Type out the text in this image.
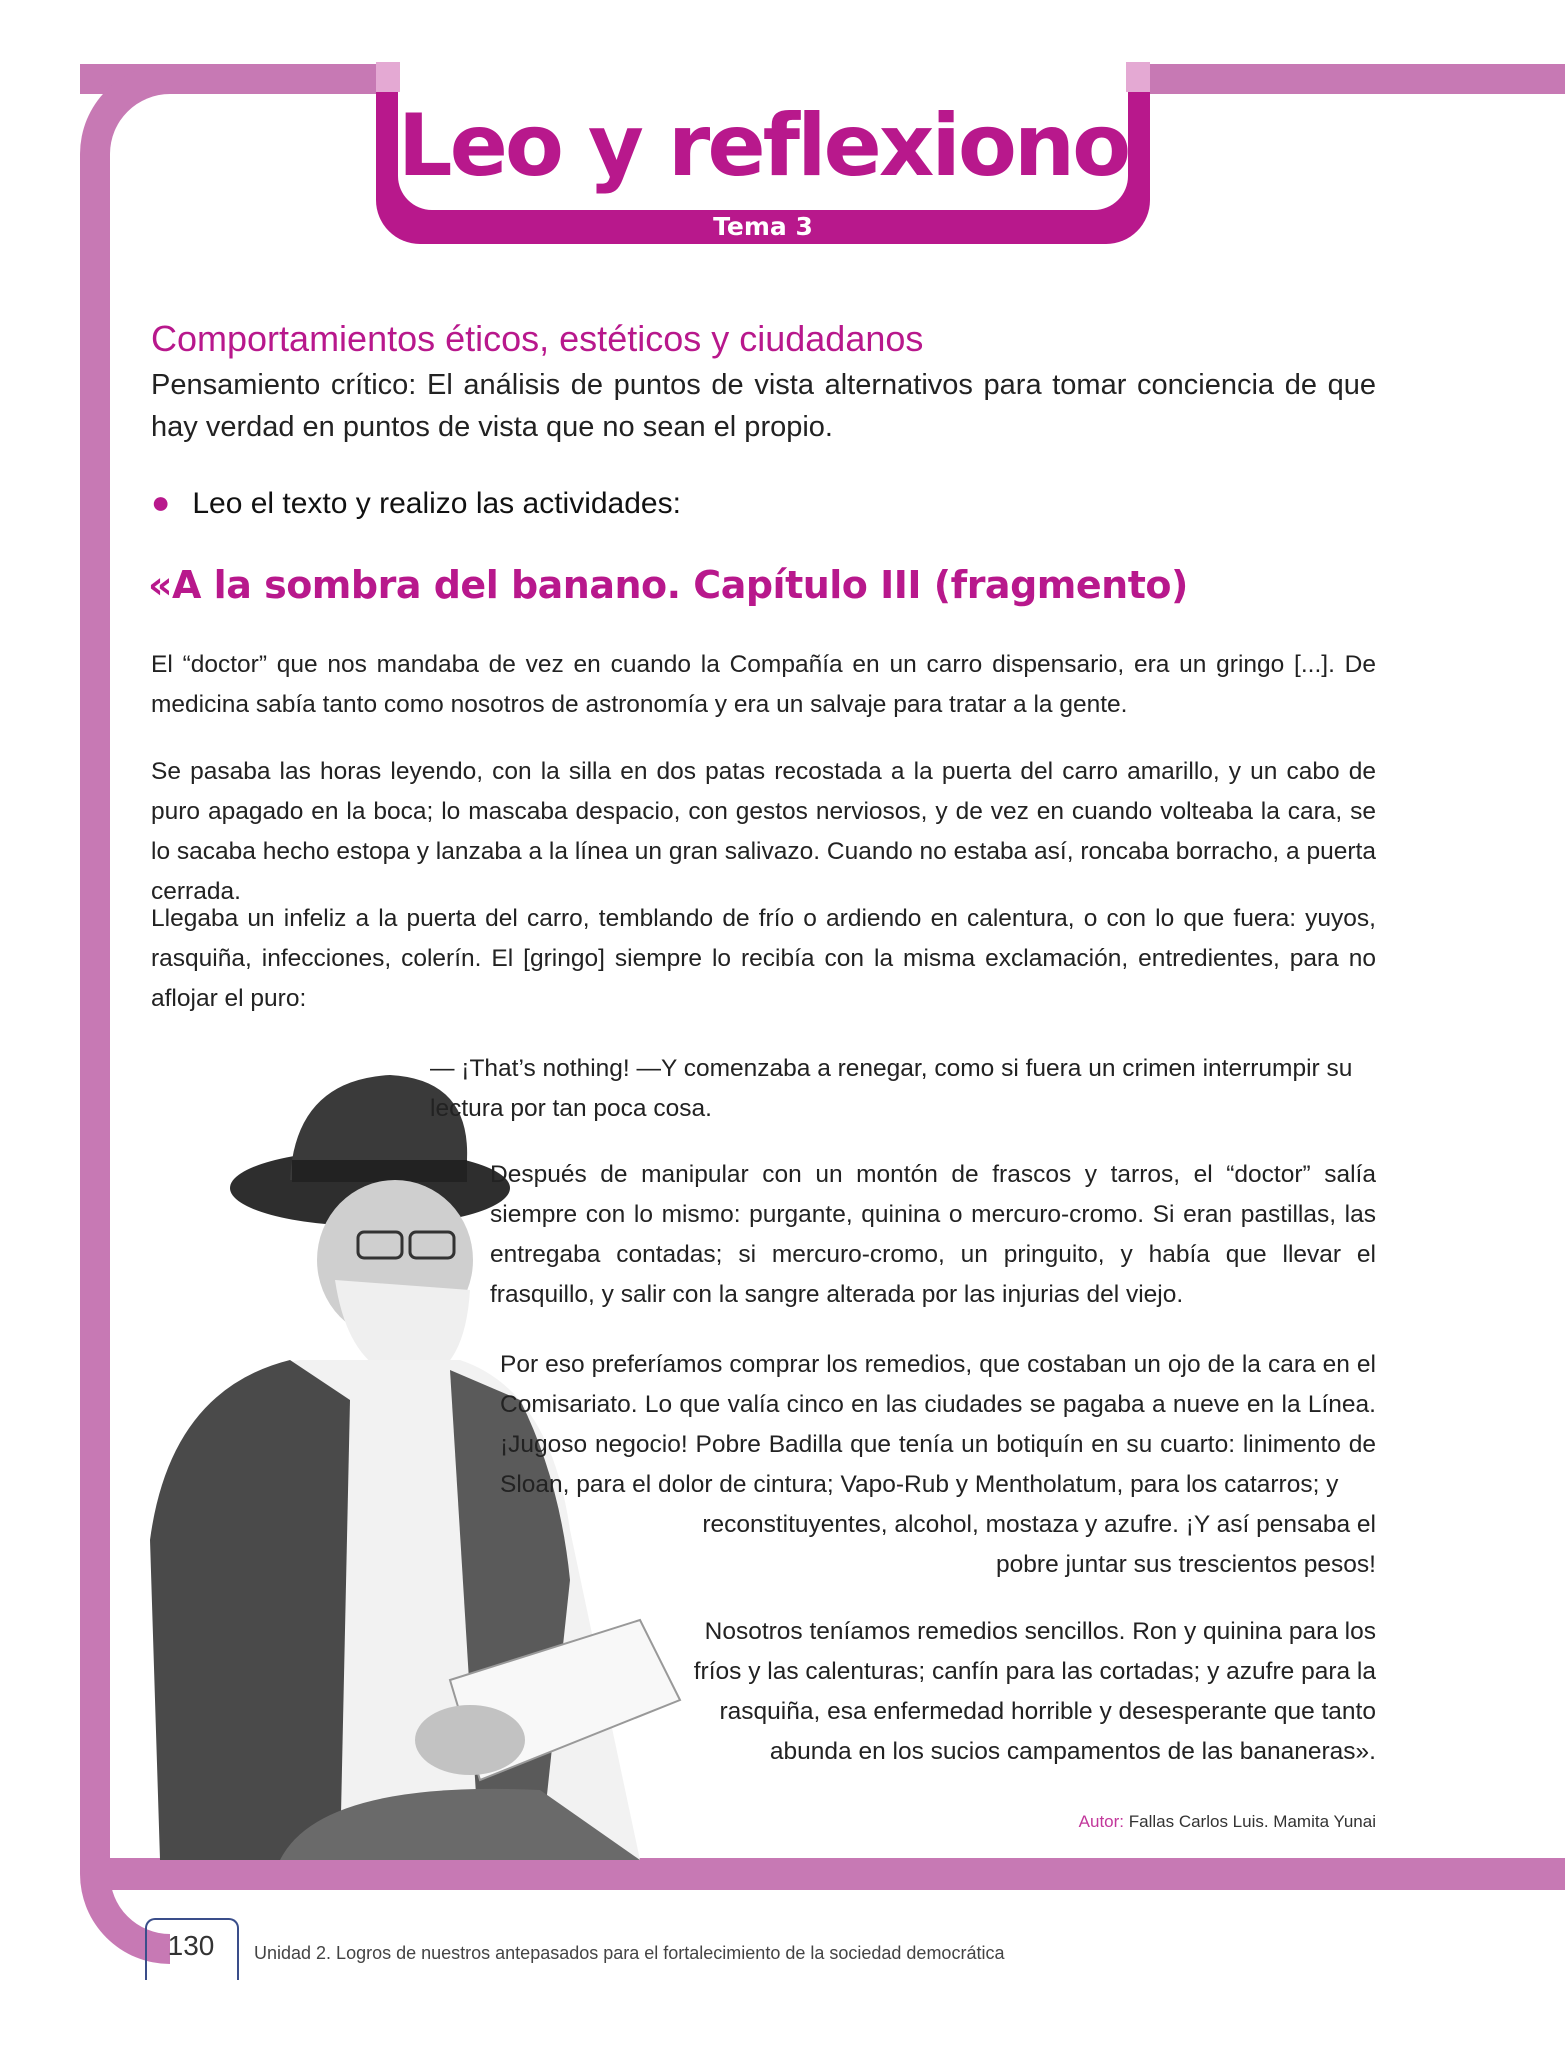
Leo y reflexiono
Tema 3
Comportamientos éticos, estéticos y ciudadanos
Pensamiento crítico: El análisis de puntos de vista alternativos para tomar conciencia de que hay verdad en puntos de vista que no sean el propio.
● Leo el texto y realizo las actividades:
«A la sombra del banano. Capítulo III (fragmento)
El “doctor” que nos mandaba de vez en cuando la Compañía en un carro dispensario, era un gringo [...]. De medicina sabía tanto como nosotros de astronomía y era un salvaje para tratar a la gente.
Se pasaba las horas leyendo, con la silla en dos patas recostada a la puerta del carro amarillo, y un cabo de puro apagado en la boca; lo mascaba despacio, con gestos nerviosos, y de vez en cuando volteaba la cara, se lo sacaba hecho estopa y lanzaba a la línea un gran salivazo. Cuando no estaba así, roncaba borracho, a puerta cerrada.
Llegaba un infeliz a la puerta del carro, temblando de frío o ardiendo en calentura, o con lo que fuera: yuyos, rasquiña, infecciones, colerín. El [gringo] siempre lo recibía con la misma exclamación, entredientes, para no aflojar el puro:
— ¡That’s nothing! —Y comenzaba a renegar, como si fuera un crimen interrumpir su lectura por tan poca cosa.
Después de manipular con un montón de frascos y tarros, el “doctor” salía siempre con lo mismo: purgante, quinina o mercuro-cromo. Si eran pastillas, las entregaba contadas; si mercuro-cromo, un pringuito, y había que llevar el frasquillo, y salir con la sangre alterada por las injurias del viejo.
Por eso preferíamos comprar los remedios, que costaban un ojo de la cara en el Comisariato. Lo que valía cinco en las ciudades se pagaba a nueve en la Línea. ¡Jugoso negocio! Pobre Badilla que tenía un botiquín en su cuarto: linimento de Sloan, para el dolor de cintura; Vapo-Rub y Mentholatum, para los catarros; y
reconstituyentes, alcohol, mostaza y azufre. ¡Y así pensaba el pobre juntar sus trescientos pesos!
Nosotros teníamos remedios sencillos. Ron y quinina para los fríos y las calenturas; canfín para las cortadas; y azufre para la rasquiña, esa enfermedad horrible y desesperante que tanto abunda en los sucios campamentos de las bananeras».
Autor: Fallas Carlos Luis. Mamita Yunai
130	Unidad 2. Logros de nuestros antepasados para el fortalecimiento de la sociedad democrática
